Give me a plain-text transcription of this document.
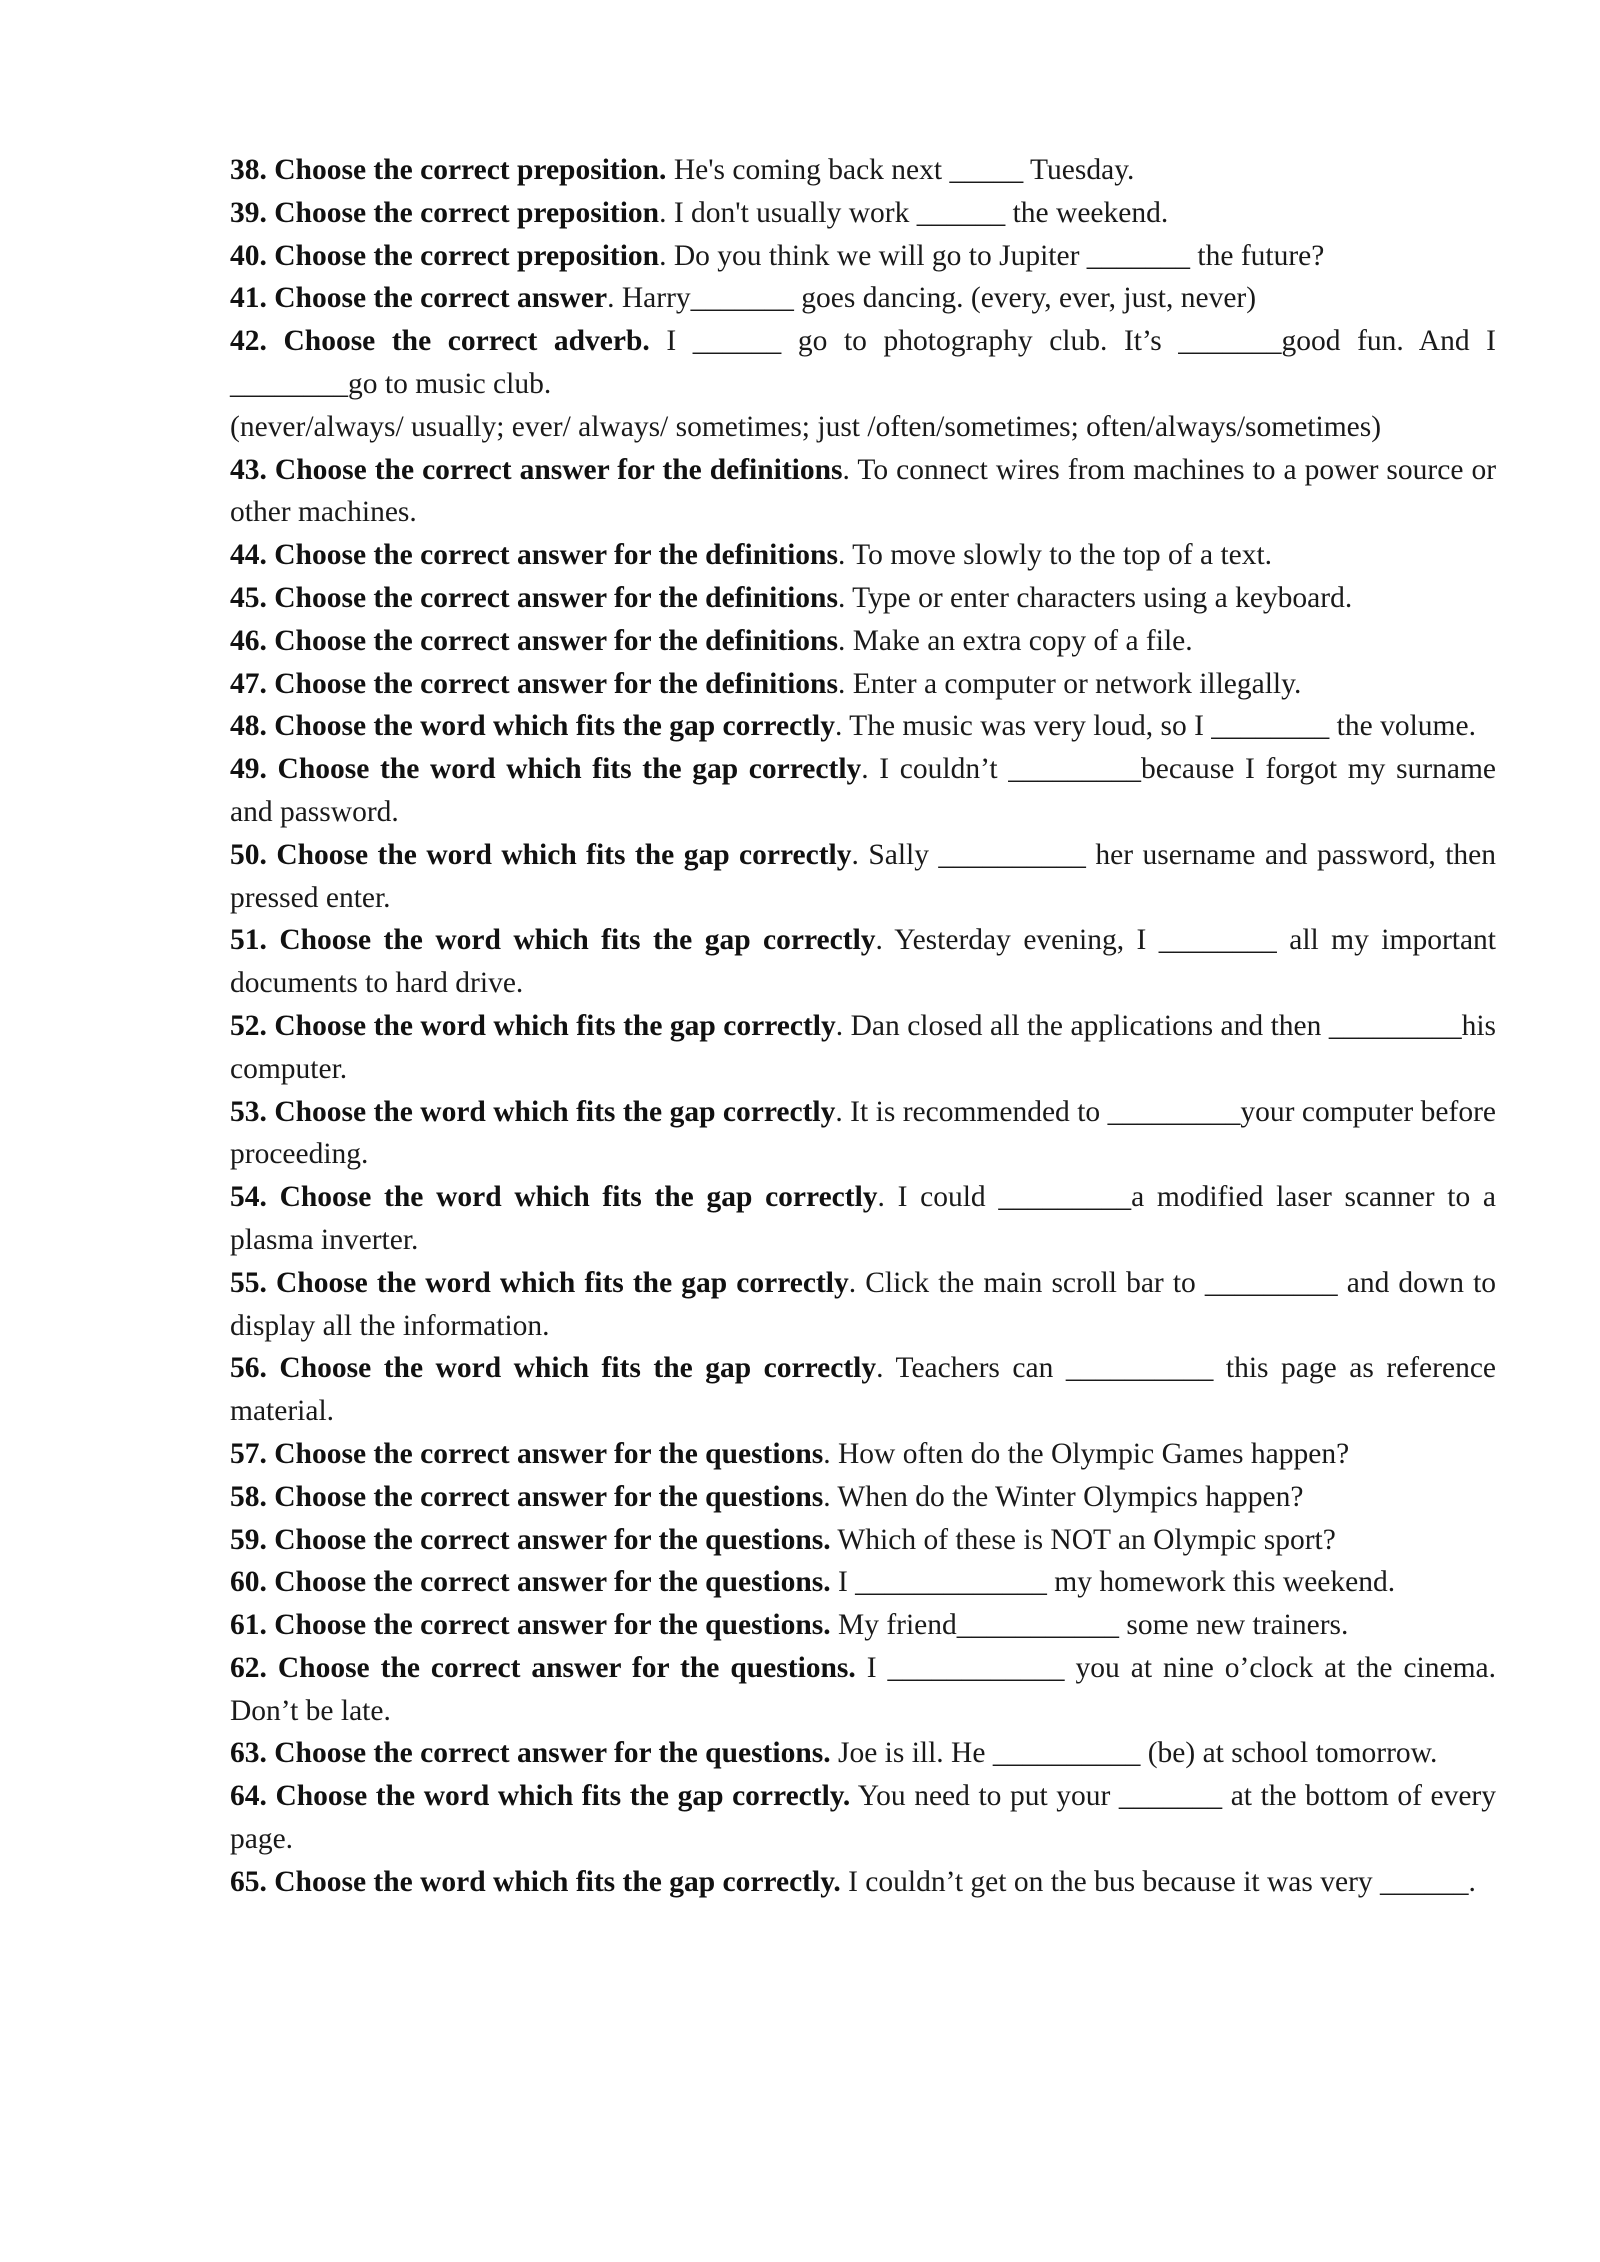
38. Choose the correct preposition. He's coming back next _____ Tuesday.

39. Choose the correct preposition. I don't usually work ______ the weekend.

40. Choose the correct preposition. Do you think we will go to Jupiter _______ the future?

41. Choose the correct answer. Harry_______ goes dancing. (every, ever, just, never)

42. Choose the correct adverb. I ______ go to photography club. It’s _______good fun. And I ________go to music club.

(never/always/ usually; ever/ always/ sometimes; just /often/sometimes; often/always/sometimes)

43. Choose the correct answer for the definitions. To connect wires from machines to a power source or other machines.

44. Choose the correct answer for the definitions. To move slowly to the top of a text.

45. Choose the correct answer for the definitions. Type or enter characters using a keyboard.

46. Choose the correct answer for the definitions. Make an extra copy of a file.

47. Choose the correct answer for the definitions. Enter a computer or network illegally.

48. Choose the word which fits the gap correctly. The music was very loud, so I ________ the volume.

49. Choose the word which fits the gap correctly. I couldn’t _________because I forgot my surname and password.

50. Choose the word which fits the gap correctly. Sally __________ her username and password, then pressed enter.

51. Choose the word which fits the gap correctly. Yesterday evening, I ________ all my important documents to hard drive.

52. Choose the word which fits the gap correctly. Dan closed all the applications and then _________his computer.

53. Choose the word which fits the gap correctly. It is recommended to _________your computer before proceeding.

54. Choose the word which fits the gap correctly. I could _________a modified laser scanner to a plasma inverter.

55. Choose the word which fits the gap correctly. Click the main scroll bar to _________ and down to display all the information.

56. Choose the word which fits the gap correctly. Teachers can __________ this page as reference material.

57. Choose the correct answer for the questions. How often do the Olympic Games happen?

58. Choose the correct answer for the questions. When do the Winter Olympics happen?

59. Choose the correct answer for the questions. Which of these is NOT an Olympic sport?

60. Choose the correct answer for the questions. I _____________ my homework this weekend.

61. Choose the correct answer for the questions. My friend___________ some new trainers.

62. Choose the correct answer for the questions. I ____________ you at nine o’clock at the cinema. Don’t be late.

63. Choose the correct answer for the questions. Joe is ill. He __________ (be) at school tomorrow.

64. Choose the word which fits the gap correctly. You need to put your _______ at the bottom of every page.

65. Choose the word which fits the gap correctly. I couldn’t get on the bus because it was very ______.
